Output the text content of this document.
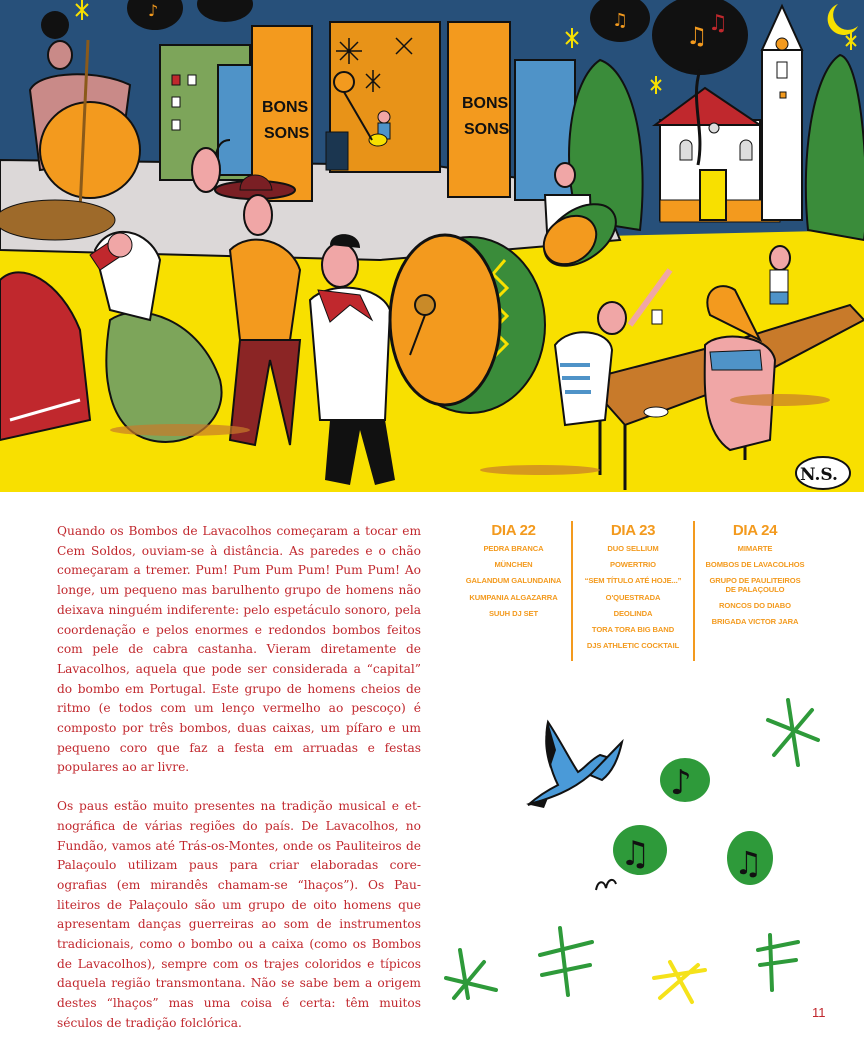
BONS
SONS
BONS
SONS
♫ ♫
♫
♪
N.S.

Quando os Bombos de Lavacolhos começaram a tocar em Cem Soldos, ouviam-se à distância. As paredes e o chão começaram a tremer. Pum! Pum Pum Pum! Pum Pum! Ao longe, um pequeno mas barulhento grupo de homens não deixava ninguém indiferente: pelo espetáculo sonoro, pela coordenação e pelos enormes e redondos bombos feitos com pele de cabra castanha. Vieram diretamente de Lavacolhos, aquela que pode ser considerada a “capital” do bombo em Portugal. Este grupo de homens cheios de ritmo (e todos com um lenço vermelho ao pescoço) é composto por três bombos, duas caixas, um pífaro e um pequeno coro que faz a festa em arruadas e festas populares ao ar livre.

Os paus estão muito presentes na tradição musical e etnográfica de várias regiões do país. De Lavacolhos, no Fundão, vamos até Trás-os-Montes, onde os Pauliteiros de Palaçoulo utilizam paus para criar elaboradas coreografias (em mirandês chamam-se “lhaços”). Os Pauliteiros de Palaçoulo são um grupo de oito homens que apresentam danças guerreiras ao som de instrumentos tradicionais, como o bombo ou a caixa (como os Bombos de Lavacolhos), sempre com os trajes coloridos e típicos daquela região transmontana. Não se sabe bem a origem destes “lhaços” mas uma coisa é certa: têm muitos séculos de tradição folclórica.

DIA 22
PEDRA BRANCA
MÜNCHEN
GALANDUM GALUNDAINA
KUMPANIA ALGAZARRA
SUUH DJ SET
DIA 23
DUO SELLIUM
POWERTRIO
“SEM TÍTULO ATÉ HOJE...”
O'QUESTRADA
DEOLINDA
TORA TORA BIG BAND
DJS ATHLETIC COCKTAIL
DIA 24
MIMARTE
BOMBOS DE LAVACOLHOS
GRUPO DE PAULITEIROS DE PALAÇOULO
RONCOS DO DIABO
BRIGADA VICTOR JARA
♪
♫	♫
11
